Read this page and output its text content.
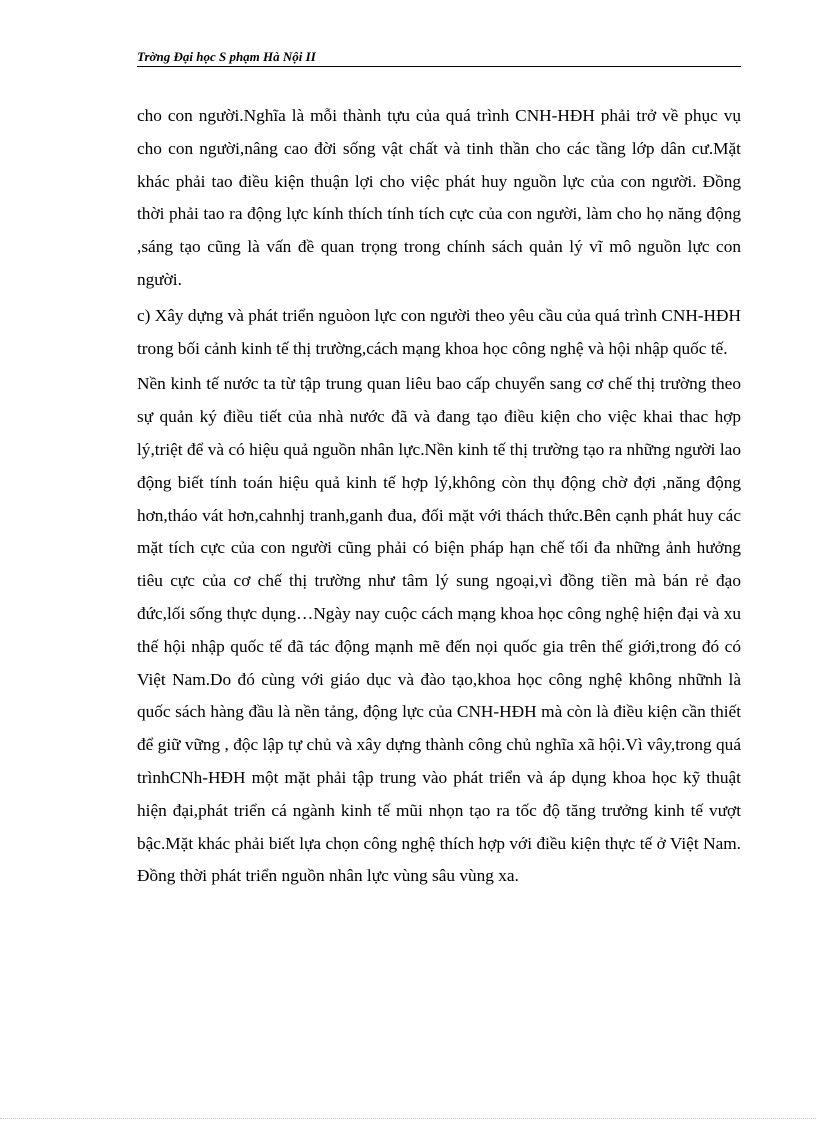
Trờng Đại học S phạm Hà Nội II

cho con người.Nghĩa là mỗi thành tựu của quá trình CNH-HĐH phải trở về phục vụ cho con người,nâng cao đời sống vật chất và tinh thần cho các tầng lớp dân cư.Mặt khác phải tao điều kiện thuận lợi cho việc phát huy nguồn lực của con người. Đồng thời phải tao ra động lực kính thích tính tích cực của con người, làm cho họ năng động ,sáng tạo cũng là vấn đề quan trọng trong chính sách quản lý vĩ mô nguồn lực con người.

c) Xây dựng và phát triển nguòon lực con người theo yêu cầu của quá trình CNH-HĐH trong bối cảnh kinh tế thị trường,cách mạng khoa học công nghệ và hội nhập quốc tế.

Nền kinh tế nước ta từ tập trung quan liêu bao cấp chuyển sang cơ chế thị trường theo sự quản ký điều tiết của nhà nước đã và đang tạo điều kiện cho việc khai thac hợp lý,triệt để và có hiệu quả nguồn nhân lực.Nền kinh tế thị trường tạo ra những người lao động biết tính toán hiệu quả kinh tế hợp lý,không còn thụ động chờ đợi ,năng động hơn,tháo vát hơn,cahnhj tranh,ganh đua, đối mặt với thách thức.Bên cạnh phát huy các mặt tích cực của con người cũng phải có biện pháp hạn chế tối đa những ảnh hưởng tiêu cực của cơ chế thị trường như tâm lý sung ngoại,vì đồng tiền mà bán rẻ đạo đức,lối sống thực dụng…Ngày nay cuộc cách mạng khoa học công nghệ hiện đại và xu thế hội nhập quốc tế đã tác động mạnh mẽ đến nọi quốc gia trên thế giới,trong đó có Việt Nam.Do đó cùng với giáo dục và đào tạo,khoa học công nghệ không nhữnh là quốc sách hàng đầu là nền tảng, động lực của CNH-HĐH mà còn là điều kiện cần thiết để giữ vững , độc lập tự chủ và xây dựng thành công chủ nghĩa xã hội.Vì vây,trong quá trìnhCNh-HĐH một mặt phải tập trung vào phát triển và áp dụng khoa học kỹ thuật hiện đại,phát triển cá ngành kinh tế mũi nhọn tạo ra tốc độ tăng trưởng kinh tế vượt bậc.Mặt khác phải biết lựa chọn công nghệ thích hợp với điều kiện thực tế ở Việt Nam. Đồng thời phát triển nguồn nhân lực vùng sâu vùng xa.
